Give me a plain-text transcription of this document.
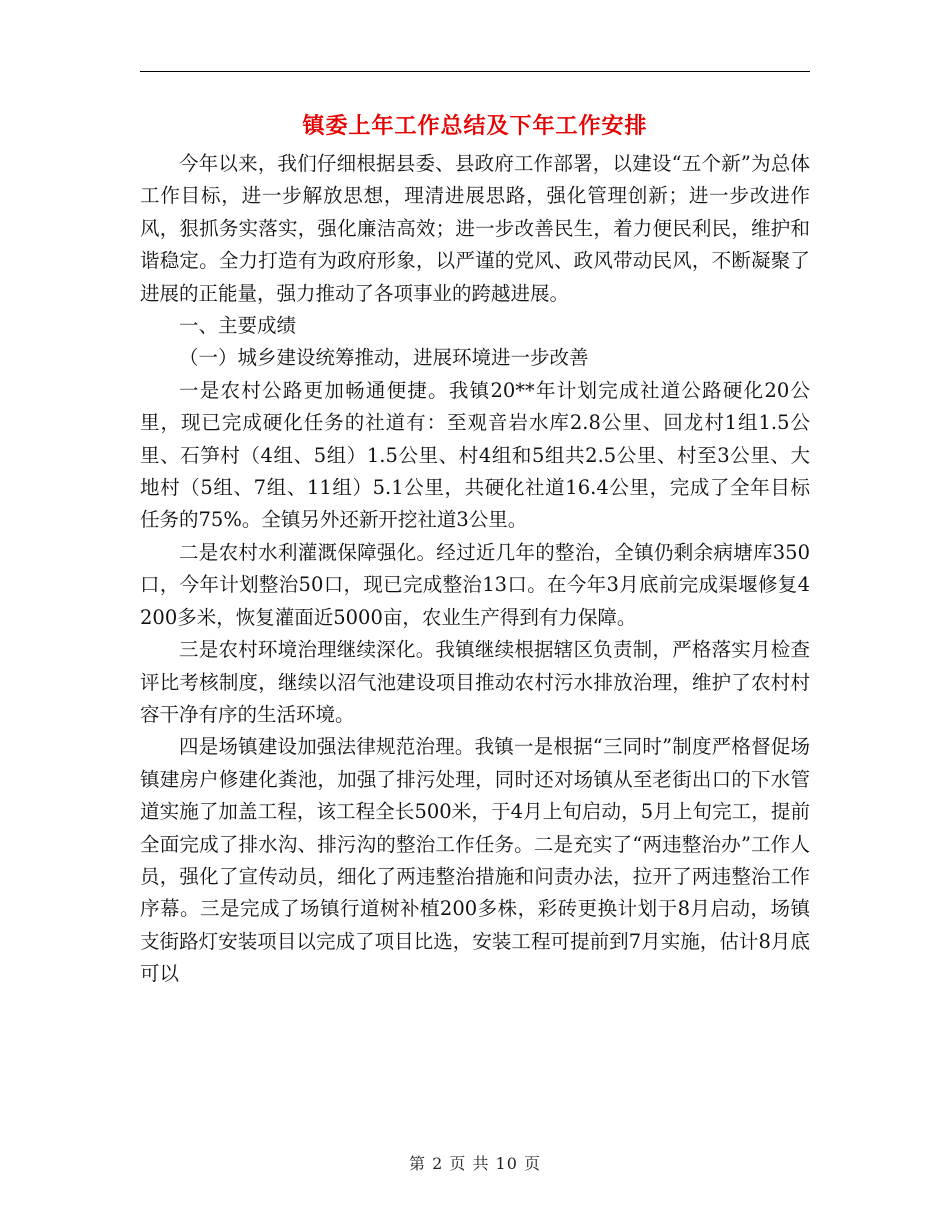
镇委上年工作总结及下年工作安排

今年以来，我们仔细根据县委、县政府工作部署，以建设“五个新”为总体工作目标，进一步解放思想，理清进展思路，强化管理创新；进一步改进作风，狠抓务实落实，强化廉洁高效；进一步改善民生，着力便民利民，维护和谐稳定。全力打造有为政府形象，以严谨的党风、政风带动民风，不断凝聚了进展的正能量，强力推动了各项事业的跨越进展。

一、主要成绩

（一）城乡建设统筹推动，进展环境进一步改善

一是农村公路更加畅通便捷。我镇20**年计划完成社道公路硬化20公里，现已完成硬化任务的社道有：至观音岩水库2.8公里、回龙村1组1.5公里、石笋村（4组、5组）1.5公里、村4组和5组共2.5公里、村至3公里、大地村（5组、7组、11组）5.1公里，共硬化社道16.4公里，完成了全年目标任务的75%。全镇另外还新开挖社道3公里。

二是农村水利灌溉保障强化。经过近几年的整治，全镇仍剩余病塘库350口，今年计划整治50口，现已完成整治13口。在今年3月底前完成渠堰修复4200多米，恢复灌面近5000亩，农业生产得到有力保障。

三是农村环境治理继续深化。我镇继续根据辖区负责制，严格落实月检查评比考核制度，继续以沼气池建设项目推动农村污水排放治理，维护了农村村容干净有序的生活环境。

四是场镇建设加强法律规范治理。我镇一是根据“三同时”制度严格督促场镇建房户修建化粪池，加强了排污处理，同时还对场镇从至老街出口的下水管道实施了加盖工程，该工程全长500米，于4月上旬启动，5月上旬完工，提前全面完成了排水沟、排污沟的整治工作任务。二是充实了“两违整治办”工作人员，强化了宣传动员，细化了两违整治措施和问责办法，拉开了两违整治工作序幕。三是完成了场镇行道树补植200多株，彩砖更换计划于8月启动，场镇支街路灯安装项目以完成了项目比选，安装工程可提前到7月实施，估计8月底可以

第 2 页 共 10 页
